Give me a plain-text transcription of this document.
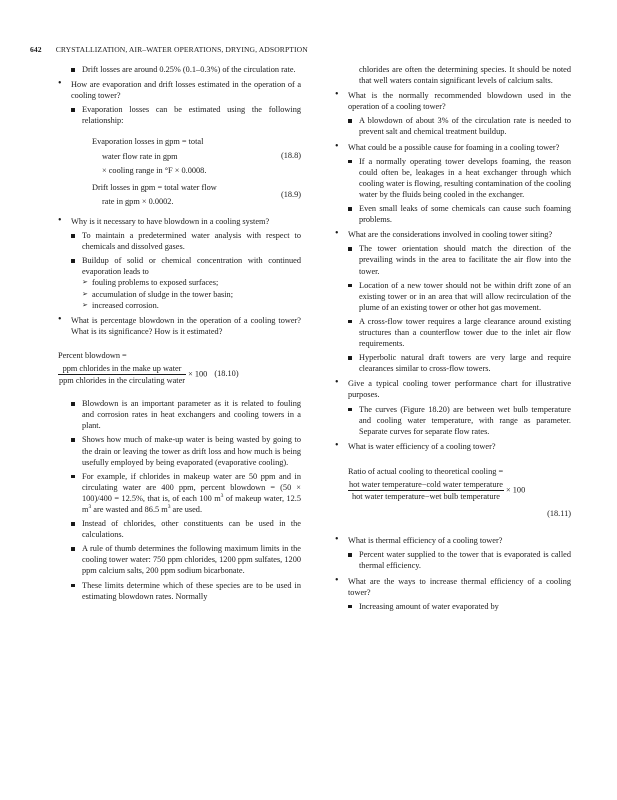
642 CRYSTALLIZATION, AIR–WATER OPERATIONS, DRYING, ADSORPTION

Drift losses are around 0.25% (0.1–0.3%) of the circulation rate.

• How are evaporation and drift losses estimated in the operation of a cooling tower?

Evaporation losses can be estimated using the following relationship:

Evaporation losses in gpm = total
water flow rate in gpm
× cooling range in °F × 0.0008.
(18.8)
Drift losses in gpm = total water flow
rate in gpm × 0.0002.
(18.9)

• Why is it necessary to have blowdown in a cooling system?

To maintain a predetermined water analysis with respect to chemicals and dissolved gases.

Buildup of solid or chemical concentration with continued evaporation leads to

➢ fouling problems to exposed surfaces;

➢ accumulation of sludge in the tower basin;

➢ increased corrosion.

• What is percentage blowdown in the operation of a cooling tower? What is its significance? How is it estimated?

Percent blowdown =
$\frac{\text{ppm chlorides in the make up water}}{\text{ppm chlorides in the circulating water}} \times 100$ (18.10)

Blowdown is an important parameter as it is related to fouling and corrosion rates in heat exchangers and cooling towers in a plant.

Shows how much of make-up water is being wasted by going to the drain or leaving the tower as drift loss and how much is being usefully employed by being evaporated (evaporative cooling).

For example, if chlorides in makeup water are 50 ppm and in circulating water are 400 ppm, percent blowdown = (50 × 100)/400 = 12.5%, that is, of each 100 $m^3$ of makeup water, 12.5 $m^3$ are wasted and 86.5 $m^3$ are used.

Instead of chlorides, other constituents can be used in the calculations.

A rule of thumb determines the following maximum limits in the cooling tower water: 750 ppm chlorides, 1200 ppm sulfates, 1200 ppm calcium salts, 200 ppm sodium bicarbonate.

These limits determine which of these species are to be used in estimating blowdown rates. Normally

chlorides are often the determining species. It should be noted that well waters contain significant levels of calcium salts.

• What is the normally recommended blowdown used in the operation of a cooling tower?

A blowdown of about 3% of the circulation rate is needed to prevent salt and chemical treatment buildup.

• What could be a possible cause for foaming in a cooling tower?

If a normally operating tower develops foaming, the reason could often be, leakages in a heat exchanger through which cooling water is flowing, resulting contamination of the cooling water by the fluids being cooled in the exchanger.

Even small leaks of some chemicals can cause such foaming problems.

• What are the considerations involved in cooling tower siting?

The tower orientation should match the direction of the prevailing winds in the area to facilitate the air flow into the tower.

Location of a new tower should not be within drift zone of an existing tower or in an area that will allow recirculation of the plume of an existing tower or other hot gas movement.

A cross-flow tower requires a large clearance around existing structures than a counterflow tower due to the inlet air flow requirements.

Hyperbolic natural draft towers are very large and require clearances similar to cross-flow towers.

• Give a typical cooling tower performance chart for illustrative purposes.

The curves (Figure 18.20) are between wet bulb temperature and cooling water temperature, with range as parameter. Separate curves for separate flow rates.

• What is water efficiency of a cooling tower?

Ratio of actual cooling to theoretical cooling =
$\frac{\text{hot water temperature−cold water temperature}}{\text{hot water temperature−wet bulb temperature}} \times 100$
(18.11)

• What is thermal efficiency of a cooling tower?

Percent water supplied to the tower that is evaporated is called thermal efficiency.

• What are the ways to increase thermal efficiency of a cooling tower?

Increasing amount of water evaporated by
